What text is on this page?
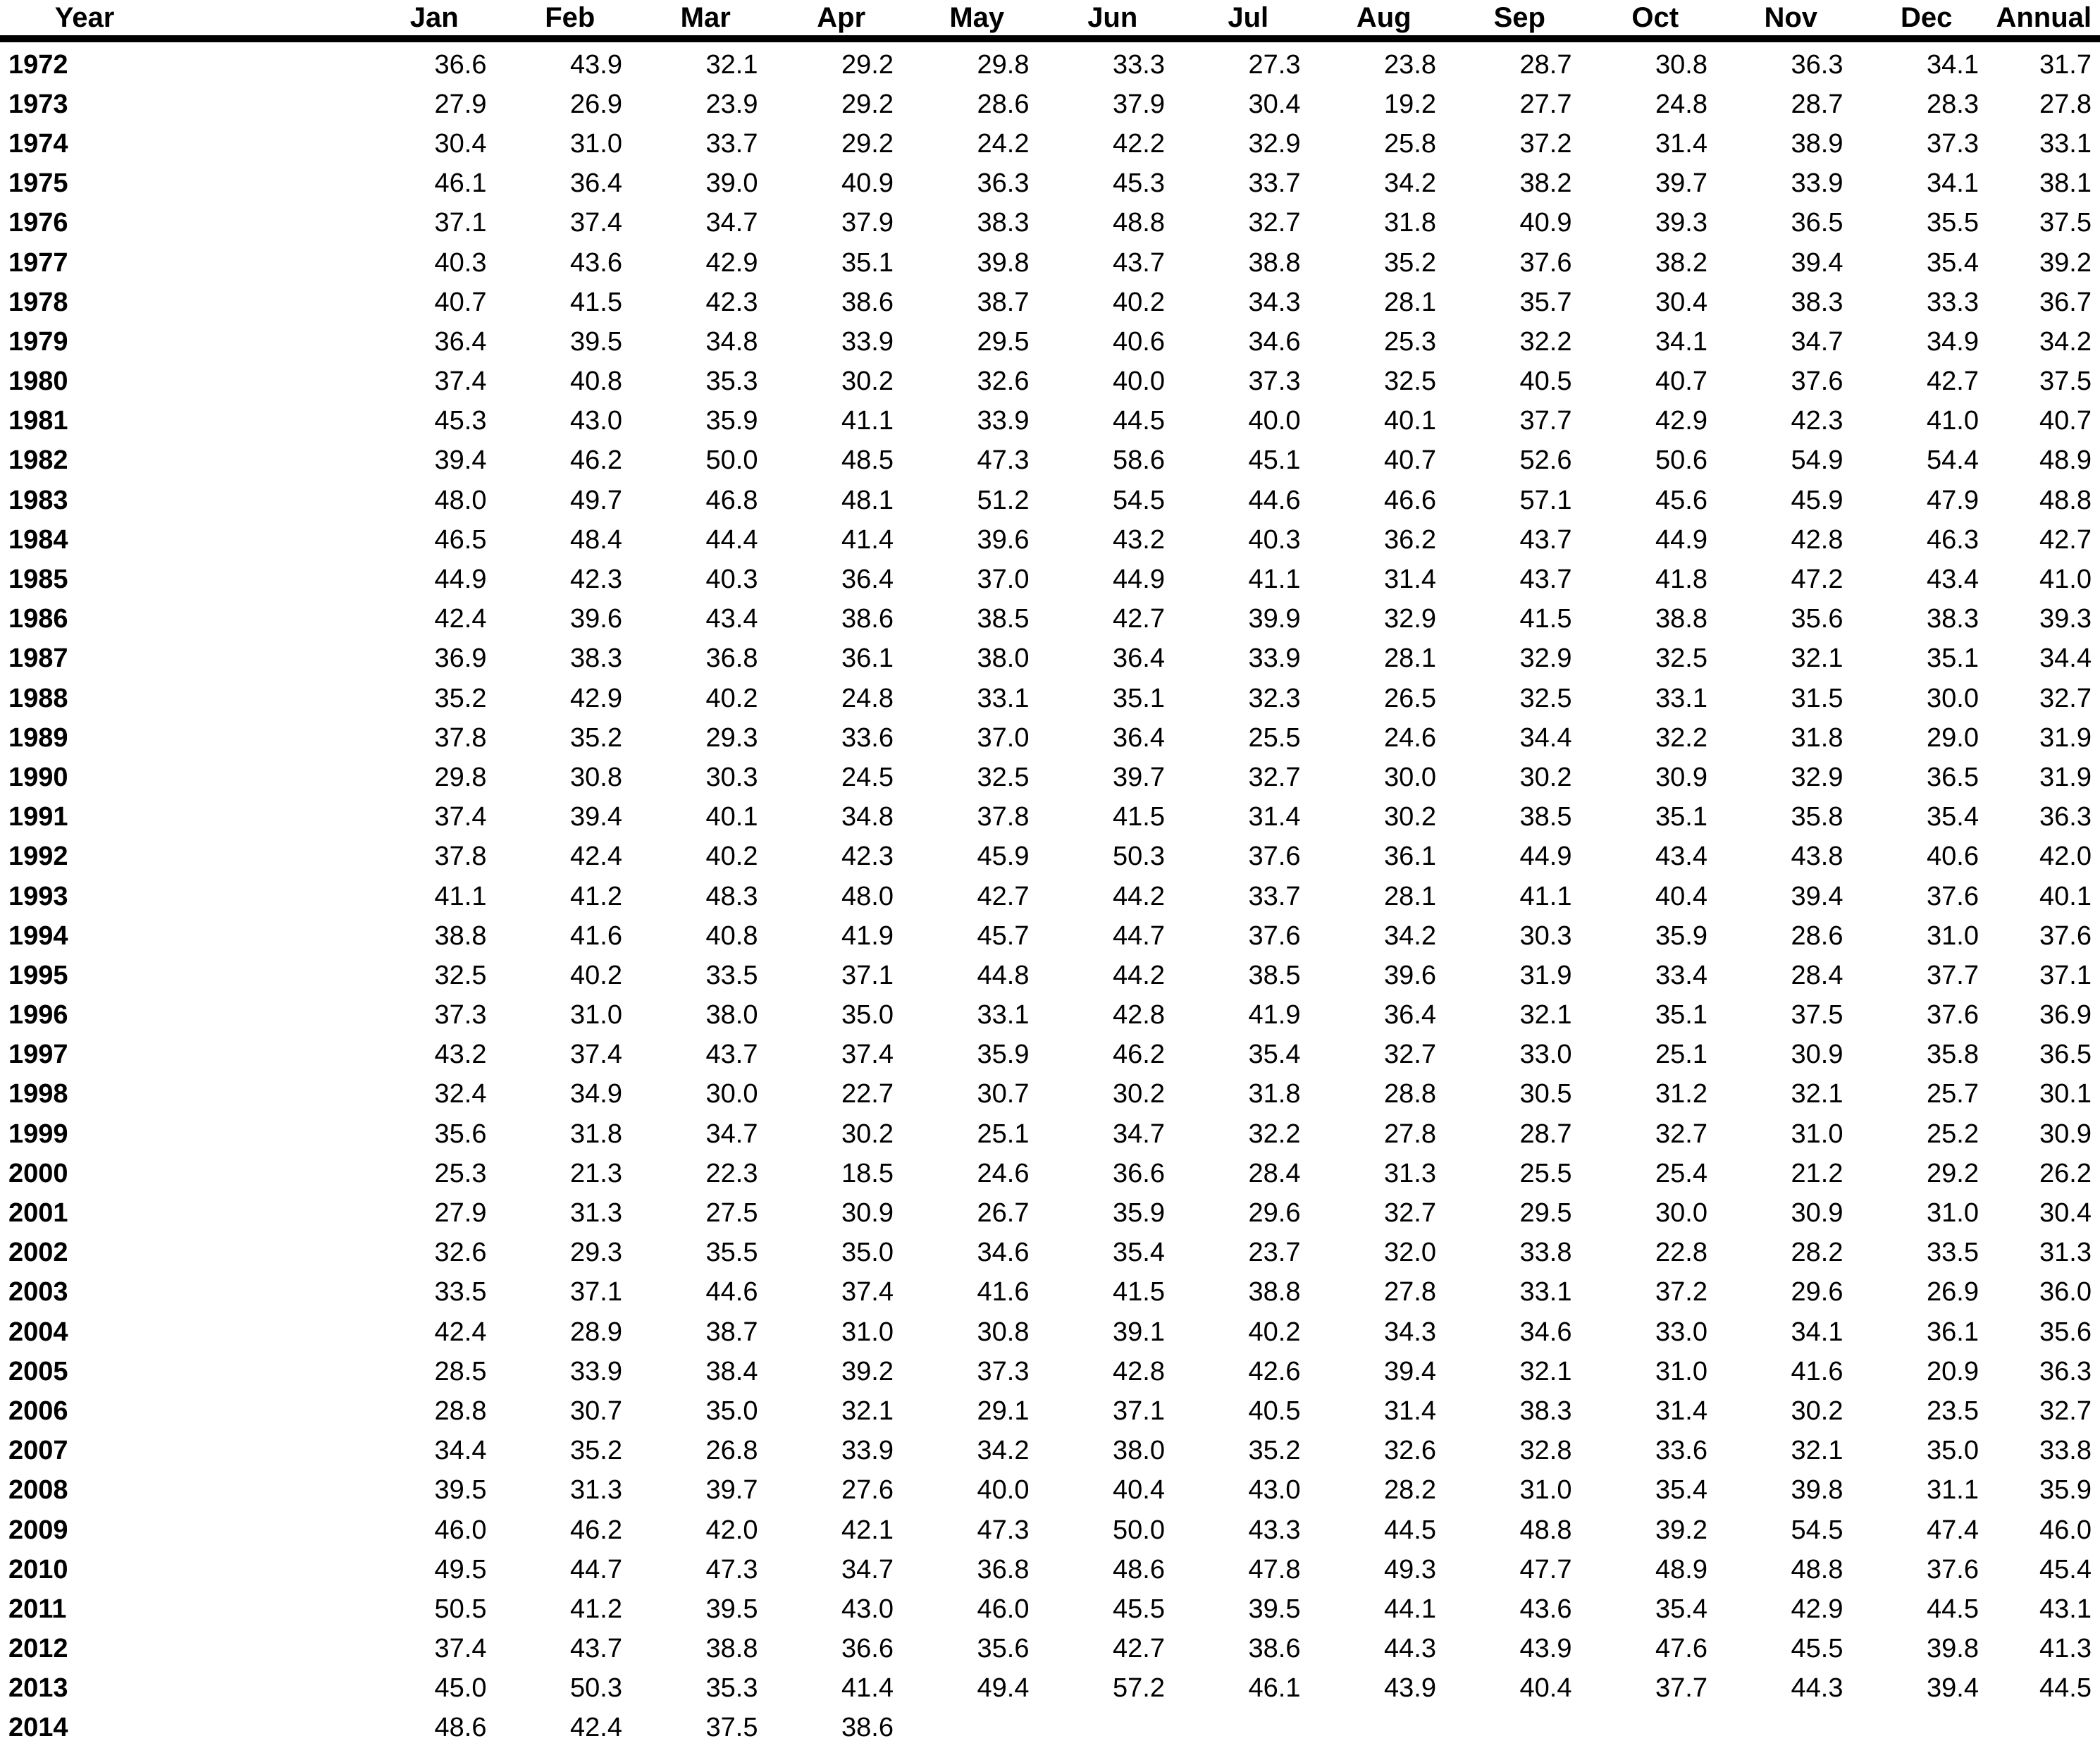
Year	Jan	Feb	Mar	Apr	May	Jun	Jul	Aug	Sep	Oct	Nov	Dec	Annual
1972	36.6	43.9	32.1	29.2	29.8	33.3	27.3	23.8	28.7	30.8	36.3	34.1	31.7
1973	27.9	26.9	23.9	29.2	28.6	37.9	30.4	19.2	27.7	24.8	28.7	28.3	27.8
1974	30.4	31.0	33.7	29.2	24.2	42.2	32.9	25.8	37.2	31.4	38.9	37.3	33.1
1975	46.1	36.4	39.0	40.9	36.3	45.3	33.7	34.2	38.2	39.7	33.9	34.1	38.1
1976	37.1	37.4	34.7	37.9	38.3	48.8	32.7	31.8	40.9	39.3	36.5	35.5	37.5
1977	40.3	43.6	42.9	35.1	39.8	43.7	38.8	35.2	37.6	38.2	39.4	35.4	39.2
1978	40.7	41.5	42.3	38.6	38.7	40.2	34.3	28.1	35.7	30.4	38.3	33.3	36.7
1979	36.4	39.5	34.8	33.9	29.5	40.6	34.6	25.3	32.2	34.1	34.7	34.9	34.2
1980	37.4	40.8	35.3	30.2	32.6	40.0	37.3	32.5	40.5	40.7	37.6	42.7	37.5
1981	45.3	43.0	35.9	41.1	33.9	44.5	40.0	40.1	37.7	42.9	42.3	41.0	40.7
1982	39.4	46.2	50.0	48.5	47.3	58.6	45.1	40.7	52.6	50.6	54.9	54.4	48.9
1983	48.0	49.7	46.8	48.1	51.2	54.5	44.6	46.6	57.1	45.6	45.9	47.9	48.8
1984	46.5	48.4	44.4	41.4	39.6	43.2	40.3	36.2	43.7	44.9	42.8	46.3	42.7
1985	44.9	42.3	40.3	36.4	37.0	44.9	41.1	31.4	43.7	41.8	47.2	43.4	41.0
1986	42.4	39.6	43.4	38.6	38.5	42.7	39.9	32.9	41.5	38.8	35.6	38.3	39.3
1987	36.9	38.3	36.8	36.1	38.0	36.4	33.9	28.1	32.9	32.5	32.1	35.1	34.4
1988	35.2	42.9	40.2	24.8	33.1	35.1	32.3	26.5	32.5	33.1	31.5	30.0	32.7
1989	37.8	35.2	29.3	33.6	37.0	36.4	25.5	24.6	34.4	32.2	31.8	29.0	31.9
1990	29.8	30.8	30.3	24.5	32.5	39.7	32.7	30.0	30.2	30.9	32.9	36.5	31.9
1991	37.4	39.4	40.1	34.8	37.8	41.5	31.4	30.2	38.5	35.1	35.8	35.4	36.3
1992	37.8	42.4	40.2	42.3	45.9	50.3	37.6	36.1	44.9	43.4	43.8	40.6	42.0
1993	41.1	41.2	48.3	48.0	42.7	44.2	33.7	28.1	41.1	40.4	39.4	37.6	40.1
1994	38.8	41.6	40.8	41.9	45.7	44.7	37.6	34.2	30.3	35.9	28.6	31.0	37.6
1995	32.5	40.2	33.5	37.1	44.8	44.2	38.5	39.6	31.9	33.4	28.4	37.7	37.1
1996	37.3	31.0	38.0	35.0	33.1	42.8	41.9	36.4	32.1	35.1	37.5	37.6	36.9
1997	43.2	37.4	43.7	37.4	35.9	46.2	35.4	32.7	33.0	25.1	30.9	35.8	36.5
1998	32.4	34.9	30.0	22.7	30.7	30.2	31.8	28.8	30.5	31.2	32.1	25.7	30.1
1999	35.6	31.8	34.7	30.2	25.1	34.7	32.2	27.8	28.7	32.7	31.0	25.2	30.9
2000	25.3	21.3	22.3	18.5	24.6	36.6	28.4	31.3	25.5	25.4	21.2	29.2	26.2
2001	27.9	31.3	27.5	30.9	26.7	35.9	29.6	32.7	29.5	30.0	30.9	31.0	30.4
2002	32.6	29.3	35.5	35.0	34.6	35.4	23.7	32.0	33.8	22.8	28.2	33.5	31.3
2003	33.5	37.1	44.6	37.4	41.6	41.5	38.8	27.8	33.1	37.2	29.6	26.9	36.0
2004	42.4	28.9	38.7	31.0	30.8	39.1	40.2	34.3	34.6	33.0	34.1	36.1	35.6
2005	28.5	33.9	38.4	39.2	37.3	42.8	42.6	39.4	32.1	31.0	41.6	20.9	36.3
2006	28.8	30.7	35.0	32.1	29.1	37.1	40.5	31.4	38.3	31.4	30.2	23.5	32.7
2007	34.4	35.2	26.8	33.9	34.2	38.0	35.2	32.6	32.8	33.6	32.1	35.0	33.8
2008	39.5	31.3	39.7	27.6	40.0	40.4	43.0	28.2	31.0	35.4	39.8	31.1	35.9
2009	46.0	46.2	42.0	42.1	47.3	50.0	43.3	44.5	48.8	39.2	54.5	47.4	46.0
2010	49.5	44.7	47.3	34.7	36.8	48.6	47.8	49.3	47.7	48.9	48.8	37.6	45.4
2011	50.5	41.2	39.5	43.0	46.0	45.5	39.5	44.1	43.6	35.4	42.9	44.5	43.1
2012	37.4	43.7	38.8	36.6	35.6	42.7	38.6	44.3	43.9	47.6	45.5	39.8	41.3
2013	45.0	50.3	35.3	41.4	49.4	57.2	46.1	43.9	40.4	37.7	44.3	39.4	44.5
2014	48.6	42.4	37.5	38.6									
